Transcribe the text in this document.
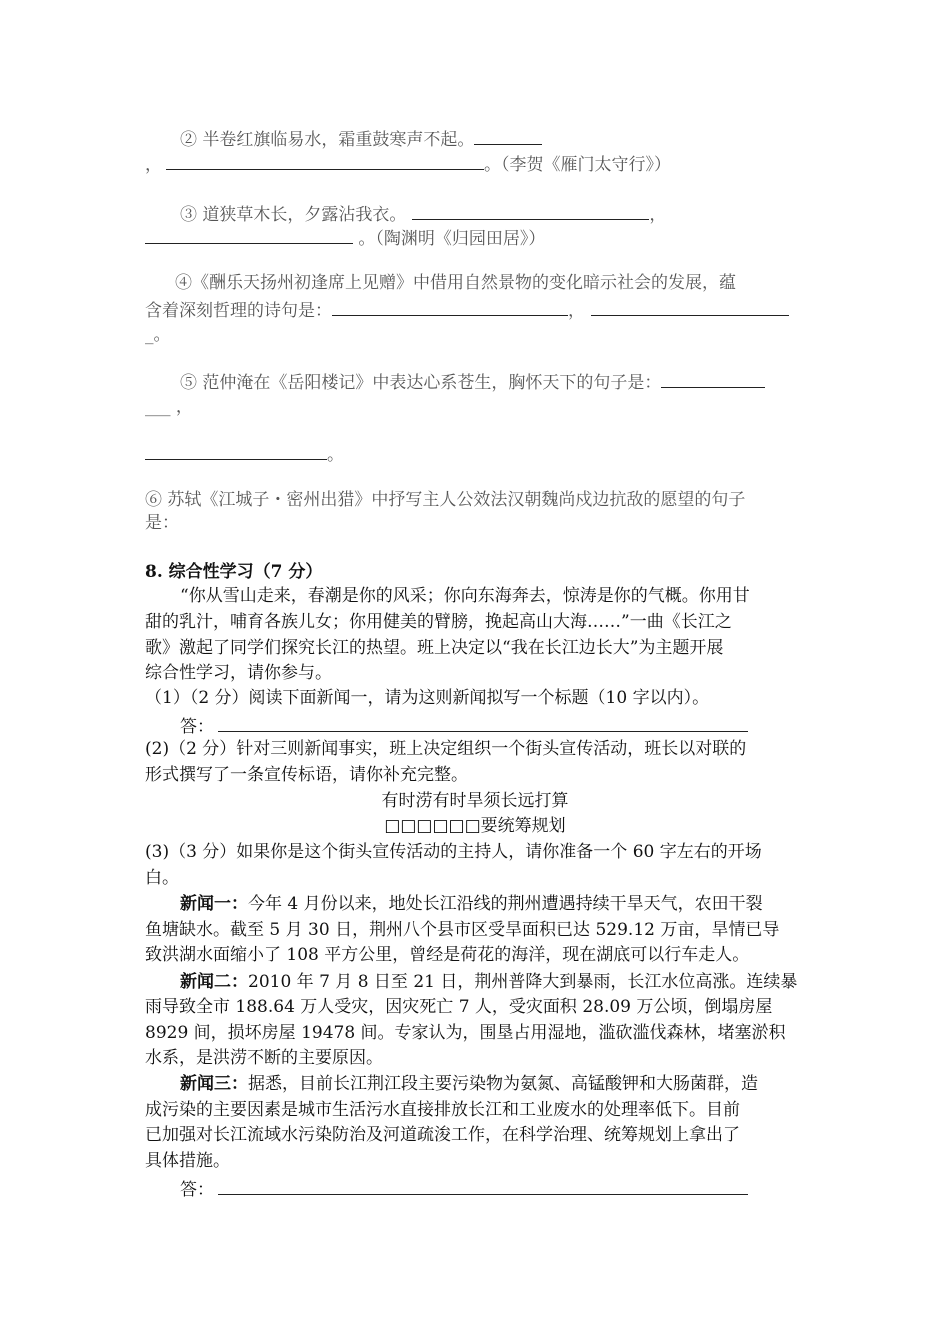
② 半卷红旗临易水，霜重鼓寒声不起。
，	。（李贺《雁门太守行》）
③ 道狭草木长，夕露沾我衣。	，
。（陶渊明《归园田居》）
④《酬乐天扬州初逢席上见赠》中借用自然景物的变化暗示社会的发展，蕴
含着深刻哲理的诗句是：	，
_。
⑤ 范仲淹在《岳阳楼记》中表达心系苍生，胸怀天下的句子是：
___ ，
。
⑥ 苏轼《江城子・密州出猎》中抒写主人公效法汉朝魏尚戍边抗敌的愿望的句子
是：
8. 综合性学习（7 分）
“你从雪山走来，春潮是你的风采；你向东海奔去，惊涛是你的气概。你用甘
甜的乳汁，哺育各族儿女；你用健美的臂膀，挽起高山大海……”一曲《长江之
歌》激起了同学们探究长江的热望。班上决定以“我在长江边长大”为主题开展
综合性学习，请你参与。
（1）（2 分）阅读下面新闻一，请为这则新闻拟写一个标题（10 字以内）。
答：
(2)（2 分）针对三则新闻事实，班上决定组织一个街头宣传活动，班长以对联的
形式撰写了一条宣传标语，请你补充完整。
有时涝有时旱须长远打算
□□□□□□要统筹规划
(3)（3 分）如果你是这个街头宣传活动的主持人，请你准备一个 60 字左右的开场
白。
新闻一：今年 4 月份以来，地处长江沿线的荆州遭遇持续干旱天气，农田干裂
鱼塘缺水。截至 5 月 30 日，荆州八个县市区受旱面积已达 529.12 万亩，旱情已导
致洪湖水面缩小了 108 平方公里，曾经是荷花的海洋，现在湖底可以行车走人。
新闻二：2010 年 7 月 8 日至 21 日，荆州普降大到暴雨，长江水位高涨。连续暴
雨导致全市 188.64 万人受灾，因灾死亡 7 人，受灾面积 28.09 万公顷，倒塌房屋
8929 间，损坏房屋 19478 间。专家认为，围垦占用湿地，滥砍滥伐森林，堵塞淤积
水系，是洪涝不断的主要原因。
新闻三：据悉，目前长江荆江段主要污染物为氨氮、高锰酸钾和大肠菌群，造
成污染的主要因素是城市生活污水直接排放长江和工业废水的处理率低下。目前
已加强对长江流域水污染防治及河道疏浚工作，在科学治理、统筹规划上拿出了
具体措施。
答：
